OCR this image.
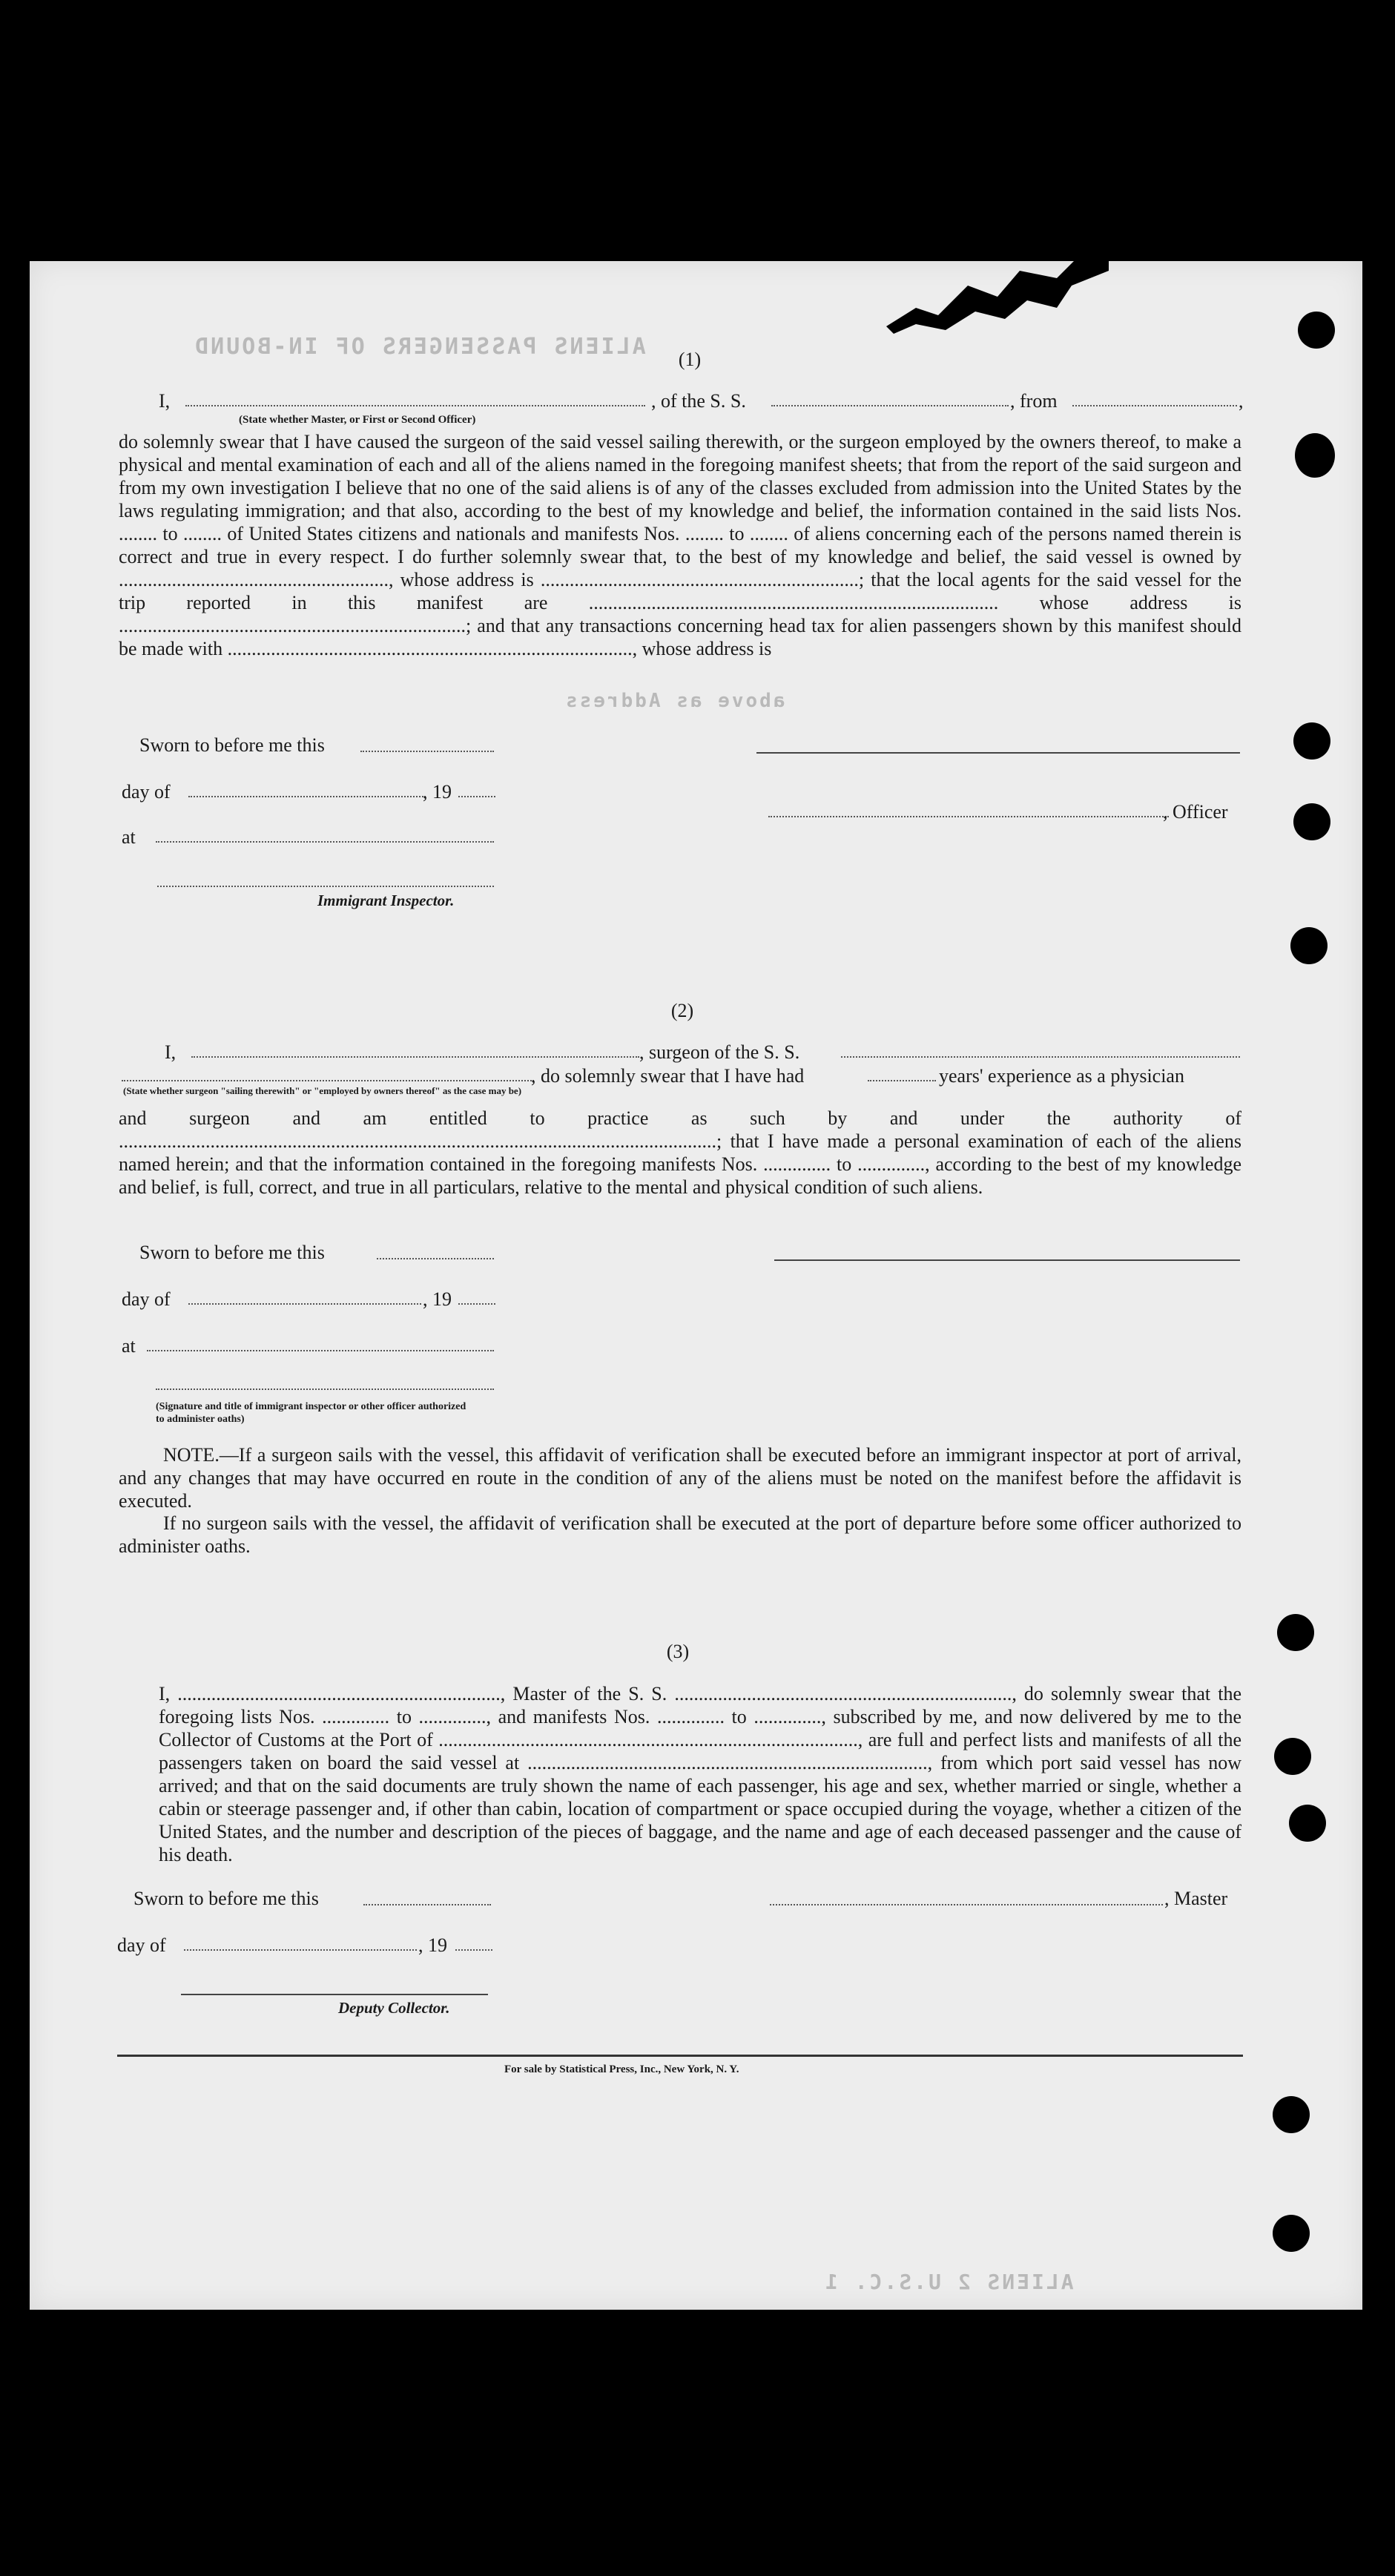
ALIENS PASSENGERS OF IN-BOUND
above as Address
ALIENS 2 U.S.C. 1
(1)
I,	, of the S. S.	, from	,
(State whether Master, or First or Second Officer)
do solemnly swear that I have caused the surgeon of the said vessel sailing therewith, or the surgeon employed by the owners thereof, to make a physical and mental examination of each and all of the aliens named in the foregoing manifest sheets; that from the report of the said surgeon and from my own investigation I believe that no one of the said aliens is of any of the classes excluded from admission into the United States by the laws regulating immigration; and that also, according to the best of my knowledge and belief, the information contained in the said lists Nos. ........ to ........ of United States citizens and nationals and manifests Nos. ........ to ........ of aliens concerning each of the persons named therein is correct and true in every respect. I do further solemnly swear that, to the best of my knowledge and belief, the said vessel is owned by ........................................................, whose address is ..................................................................; that the local agents for the said vessel for the trip reported in this manifest are ..................................................................................... whose address is ........................................................................; and that any transactions concerning head tax for alien passengers shown by this manifest should be made with ...................................................................................., whose address is
Sworn to before me this
day of	, 19
at
Immigrant Inspector.
, Officer
(2)
I,	, surgeon of the S. S.
, do solemnly swear that I have had	years' experience as a physician
(State whether surgeon "sailing therewith" or "employed by owners thereof" as the case may be)
and surgeon and am entitled to practice as such by and under the authority of ............................................................................................................................; that I have made a personal examination of each of the aliens named herein; and that the information contained in the foregoing manifests Nos. .............. to .............., according to the best of my knowledge and belief, is full, correct, and true in all particulars, relative to the mental and physical condition of such aliens.
Sworn to before me this
day of	, 19
at
(Signature and title of immigrant inspector or other officer authorized to administer oaths)
NOTE.—If a surgeon sails with the vessel, this affidavit of verification shall be executed before an immigrant inspector at port of arrival, and any changes that may have occurred en route in the condition of any of the aliens must be noted on the manifest before the affidavit is executed.
If no surgeon sails with the vessel, the affidavit of verification shall be executed at the port of departure before some officer authorized to administer oaths.
(3)
I, ..................................................................., Master of the S. S. ......................................................................, do solemnly swear that the foregoing lists Nos. .............. to .............., and manifests Nos. .............. to .............., subscribed by me, and now delivered by me to the Collector of Customs at the Port of ......................................................................................., are full and perfect lists and manifests of all the passengers taken on board the said vessel at ..................................................................................., from which port said vessel has now arrived; and that on the said documents are truly shown the name of each passenger, his age and sex, whether married or single, whether a cabin or steerage passenger and, if other than cabin, location of compartment or space occupied during the voyage, whether a citizen of the United States, and the number and description of the pieces of baggage, and the name and age of each deceased passenger and the cause of his death.
Sworn to before me this	, Master
day of	, 19
Deputy Collector.
For sale by Statistical Press, Inc., New York, N. Y.
